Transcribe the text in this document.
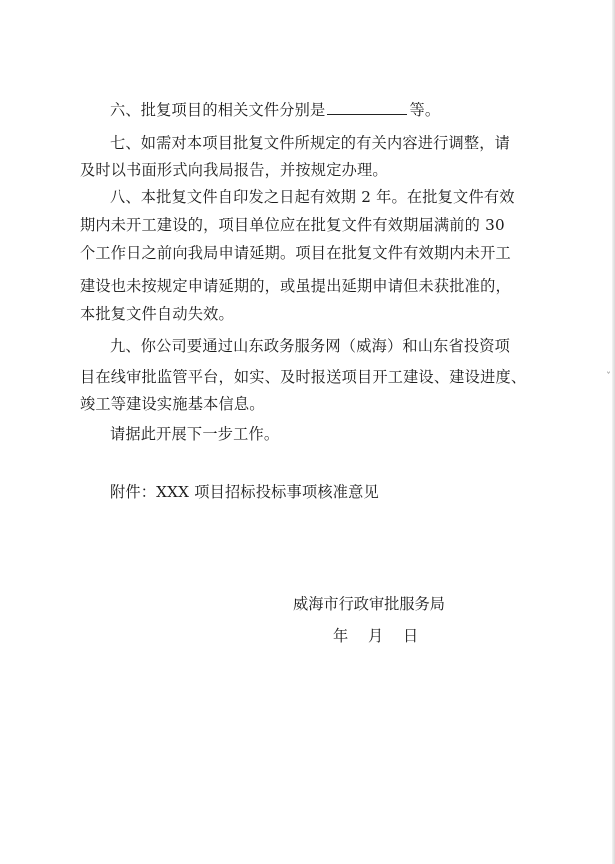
六、批复项目的相关文件分别是	等。
七、如需对本项目批复文件所规定的有关内容进行调整，请
及时以书面形式向我局报告，并按规定办理。
八、本批复文件自印发之日起有效期 2 年。在批复文件有效
期内未开工建设的，项目单位应在批复文件有效期届满前的 30
个工作日之前向我局申请延期。项目在批复文件有效期内未开工
建设也未按规定申请延期的，或虽提出延期申请但未获批准的，
本批复文件自动失效。
九、你公司要通过山东政务服务网（威海）和山东省投资项
目在线审批监管平台，如实、及时报送项目开工建设、建设进度、
竣工等建设实施基本信息。
请据此开展下一步工作。
附件：XXX 项目招标投标事项核准意见
威海市行政审批服务局
年 月 日
ˇ
